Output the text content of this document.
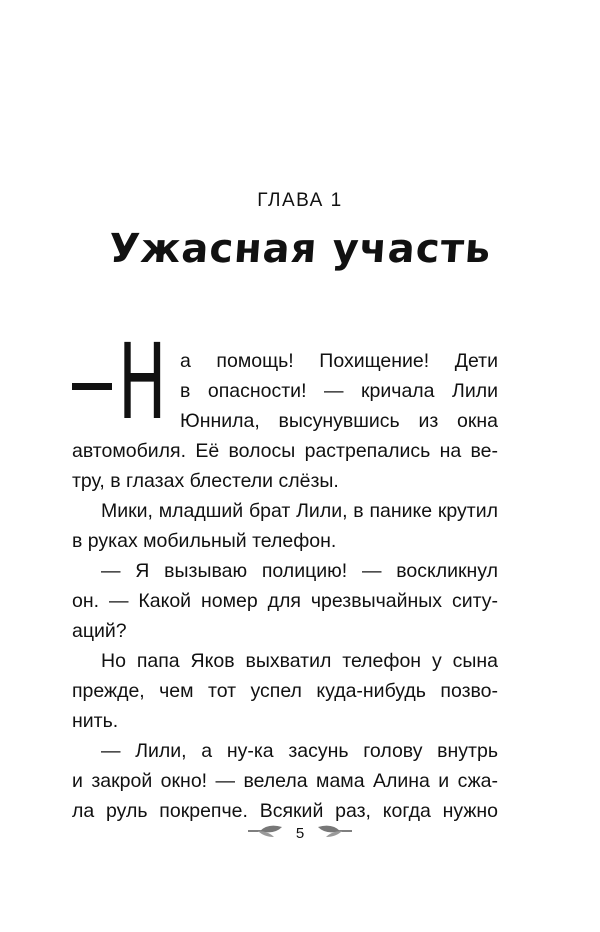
ГЛАВА 1
Ужасная участь
Н а помощь! Похищение! Дети
в опасности! — кричала Лили
Юннила, высунувшись из окна
автомобиля. Её волосы растрепались на ве-
тру, в глазах блестели слёзы.
Мики, младший брат Лили, в панике крутил
в руках мобильный телефон.
— Я вызываю полицию! — воскликнул
он. — Какой номер для чрезвычайных ситу-
аций?
Но папа Яков выхватил телефон у сына
прежде, чем тот успел куда-нибудь позво-
нить.
— Лили, а ну-ка засунь голову внутрь
и закрой окно! — велела мама Алина и сжа-
ла руль покрепче. Всякий раз, когда нужно
5
